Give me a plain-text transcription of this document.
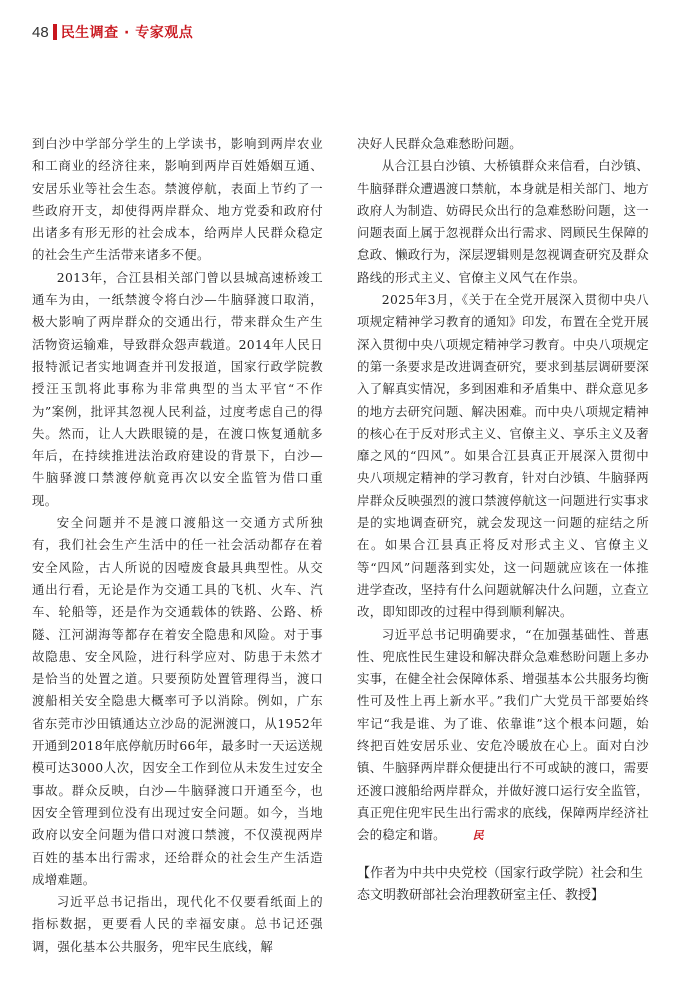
48 民生调查 · 专家观点

到白沙中学部分学生的上学读书，影响到两岸农业和工商业的经济往来，影响到两岸百姓婚姻互通、安居乐业等社会生态。禁渡停航，表面上节约了一些政府开支，却使得两岸群众、地方党委和政府付出诸多有形无形的社会成本，给两岸人民群众稳定的社会生产生活带来诸多不便。

2013年，合江县相关部门曾以县城高速桥竣工通车为由，一纸禁渡令将白沙—牛脑驿渡口取消，极大影响了两岸群众的交通出行，带来群众生产生活物资运输难，导致群众怨声载道。2014年人民日报特派记者实地调查并刊发报道，国家行政学院教授汪玉凯将此事称为非常典型的当太平官“不作为”案例，批评其忽视人民利益，过度考虑自己的得失。然而，让人大跌眼镜的是，在渡口恢复通航多年后，在持续推进法治政府建设的背景下，白沙—牛脑驿渡口禁渡停航竟再次以安全监管为借口重现。

安全问题并不是渡口渡船这一交通方式所独有，我们社会生产生活中的任一社会活动都存在着安全风险，古人所说的因噎废食最具典型性。从交通出行看，无论是作为交通工具的飞机、火车、汽车、轮船等，还是作为交通载体的铁路、公路、桥隧、江河湖海等都存在着安全隐患和风险。对于事故隐患、安全风险，进行科学应对、防患于未然才是恰当的处置之道。只要预防处置管理得当，渡口渡船相关安全隐患大概率可予以消除。例如，广东省东莞市沙田镇通达立沙岛的泥洲渡口，从1952年开通到2018年底停航历时66年，最多时一天运送规模可达3000人次，因安全工作到位从未发生过安全事故。群众反映，白沙—牛脑驿渡口开通至今，也因安全管理到位没有出现过安全问题。如今，当地政府以安全问题为借口对渡口禁渡，不仅漠视两岸百姓的基本出行需求，还给群众的社会生产生活造成增难题。

习近平总书记指出，现代化不仅要看纸面上的指标数据，更要看人民的幸福安康。总书记还强调，强化基本公共服务，兜牢民生底线，解

决好人民群众急难愁盼问题。

从合江县白沙镇、大桥镇群众来信看，白沙镇、牛脑驿群众遭遇渡口禁航，本身就是相关部门、地方政府人为制造、妨碍民众出行的急难愁盼问题，这一问题表面上属于忽视群众出行需求、罔顾民生保障的怠政、懒政行为，深层逻辑则是忽视调查研究及群众路线的形式主义、官僚主义风气在作祟。

2025年3月，《关于在全党开展深入贯彻中央八项规定精神学习教育的通知》印发，布置在全党开展深入贯彻中央八项规定精神学习教育。中央八项规定的第一条要求是改进调查研究，要求到基层调研要深入了解真实情况，多到困难和矛盾集中、群众意见多的地方去研究问题、解决困难。而中央八项规定精神的核心在于反对形式主义、官僚主义、享乐主义及奢靡之风的“四风”。如果合江县真正开展深入贯彻中央八项规定精神的学习教育，针对白沙镇、牛脑驿两岸群众反映强烈的渡口禁渡停航这一问题进行实事求是的实地调查研究，就会发现这一问题的症结之所在。如果合江县真正将反对形式主义、官僚主义等“四风”问题落到实处，这一问题就应该在一体推进学查改，坚持有什么问题就解决什么问题，立查立改，即知即改的过程中得到顺利解决。

习近平总书记明确要求，“在加强基础性、普惠性、兜底性民生建设和解决群众急难愁盼问题上多办实事，在健全社会保障体系、增强基本公共服务均衡性可及性上再上新水平。”我们广大党员干部要始终牢记“我是谁、为了谁、依靠谁”这个根本问题，始终把百姓安居乐业、安危冷暖放在心上。面对白沙镇、牛脑驿两岸群众便捷出行不可或缺的渡口，需要还渡口渡船给两岸群众，并做好渡口运行安全监管，真正兜住兜牢民生出行需求的底线，保障两岸经济社会的稳定和谐。 民

【作者为中共中央党校（国家行政学院）社会和生态文明教研部社会治理教研室主任、教授】
